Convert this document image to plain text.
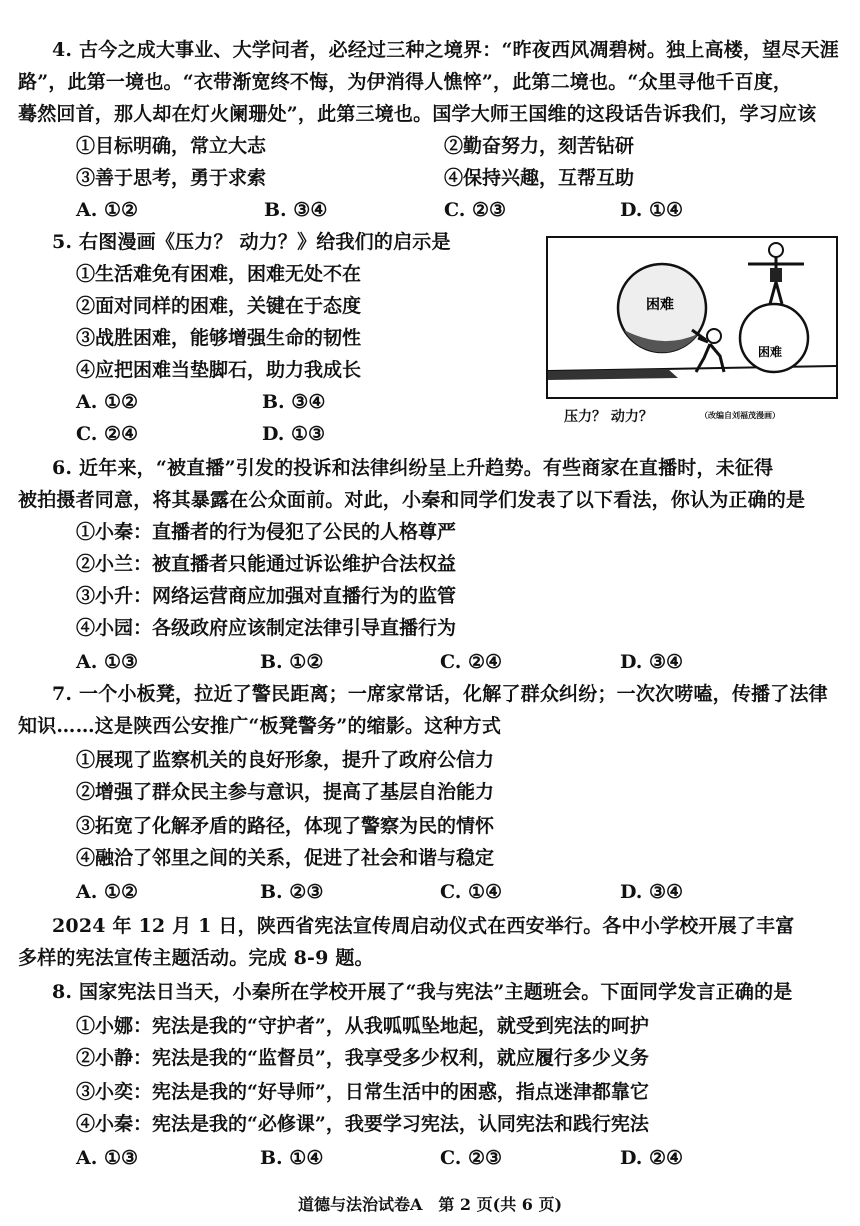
4. 古今之成大事业、大学问者，必经过三种之境界：“昨夜西风凋碧树。独上高楼，望尽天涯
路”，此第一境也。“衣带渐宽终不悔，为伊消得人憔悴”，此第二境也。“众里寻他千百度，
蓦然回首，那人却在灯火阑珊处”，此第三境也。国学大师王国维的这段话告诉我们，学习应该
①目标明确，常立大志	②勤奋努力，刻苦钻研
③善于思考，勇于求索	④保持兴趣，互帮互助
A. ①②	B. ③④	C. ②③	D. ①④
5. 右图漫画《压力？ 动力？》给我们的启示是
①生活难免有困难，困难无处不在
②面对同样的困难，关键在于态度
③战胜困难，能够增强生命的韧性
④应把困难当垫脚石，助力我成长
A. ①②	B. ③④
C. ②④	D. ①③
困难
困难
压力？ 动力？	（改编自刘福茂漫画）
6. 近年来，“被直播”引发的投诉和法律纠纷呈上升趋势。有些商家在直播时，未征得
被拍摄者同意，将其暴露在公众面前。对此，小秦和同学们发表了以下看法，你认为正确的是
①小秦：直播者的行为侵犯了公民的人格尊严
②小兰：被直播者只能通过诉讼维护合法权益
③小升：网络运营商应加强对直播行为的监管
④小园：各级政府应该制定法律引导直播行为
A. ①③	B. ①②	C. ②④	D. ③④
7. 一个小板凳，拉近了警民距离；一席家常话，化解了群众纠纷；一次次唠嗑，传播了法律
知识……这是陕西公安推广“板凳警务”的缩影。这种方式
①展现了监察机关的良好形象，提升了政府公信力
②增强了群众民主参与意识，提高了基层自治能力
③拓宽了化解矛盾的路径，体现了警察为民的情怀
④融洽了邻里之间的关系，促进了社会和谐与稳定
A. ①②	B. ②③	C. ①④	D. ③④
2024 年 12 月 1 日，陕西省宪法宣传周启动仪式在西安举行。各中小学校开展了丰富
多样的宪法宣传主题活动。完成 8-9 题。
8. 国家宪法日当天，小秦所在学校开展了“我与宪法”主题班会。下面同学发言正确的是
①小娜：宪法是我的“守护者”，从我呱呱坠地起，就受到宪法的呵护
②小静：宪法是我的“监督员”，我享受多少权利，就应履行多少义务
③小奕：宪法是我的“好导师”，日常生活中的困惑，指点迷津都靠它
④小秦：宪法是我的“必修课”，我要学习宪法，认同宪法和践行宪法
A. ①③	B. ①④	C. ②③	D. ②④
道德与法治试卷A　第 2 页(共 6 页)
